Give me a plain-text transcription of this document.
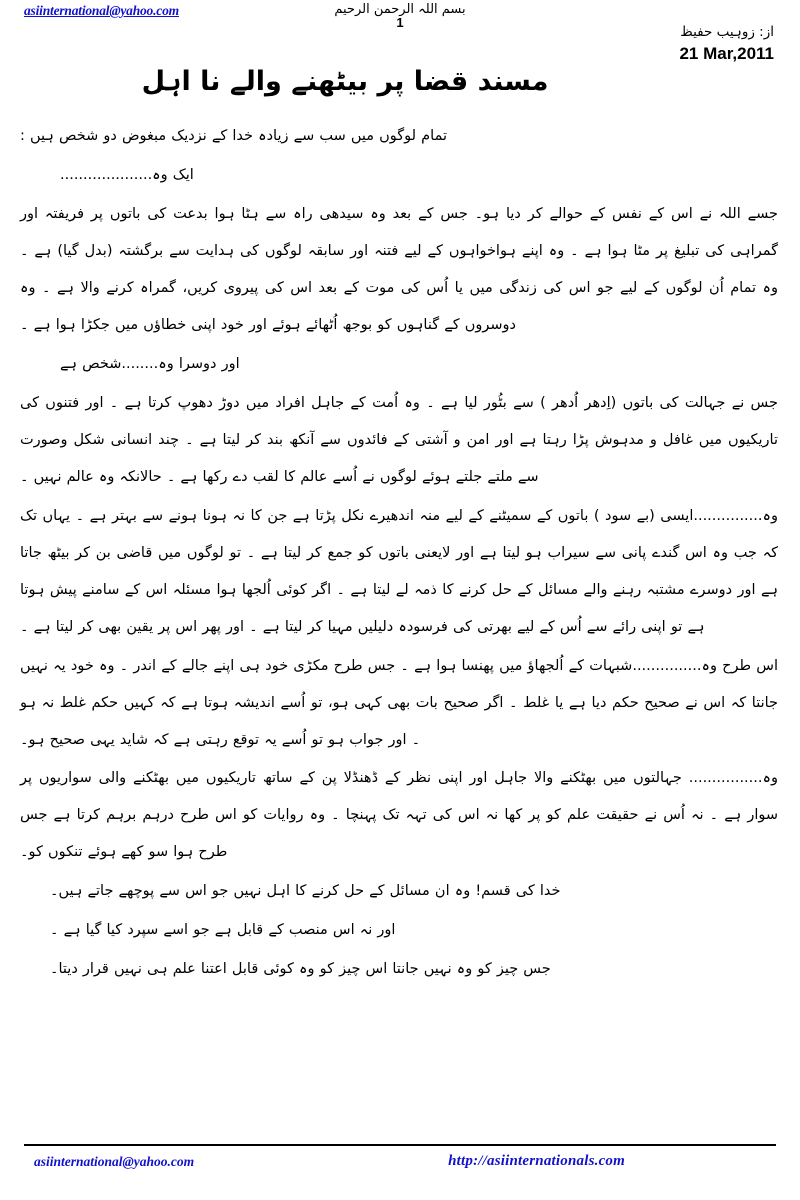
asiinternational@yahoo.com	بسم اللہ الرحمن الرحیم
1
از: زوہیب حفیظ
21 Mar,2011
مسند قضا پر بیٹھنے والے نا اہل

تمام لوگوں میں سب سے زیادہ خدا کے نزدیک مبغوض دو شخص ہیں :

ایک وہ....................

جسے اللہ نے اس کے نفس کے حوالے کر دیا ہو۔ جس کے بعد وہ سیدھی راہ سے ہٹا ہوا بدعت کی باتوں پر فریفتہ اور گمراہی کی تبلیغ پر مٹا ہوا ہے ۔ وہ اپنے ہواخواہوں کے لیے فتنہ اور سابقہ لوگوں کی ہدایت سے برگشتہ (بدل گیا) ہے ۔ وہ تمام اُن لوگوں کے لیے جو اس کی زندگی میں یا اُس کی موت کے بعد اس کی پیروی کریں، گمراہ کرنے والا ہے ۔ وہ دوسروں کے گناہوں کو بوجھ اُٹھائے ہوئے اور خود اپنی خطاؤں میں جکڑا ہوا ہے ۔

اور دوسرا وہ........شخص ہے

جس نے جہالت کی باتوں (اِدھر اُدھر ) سے بٹُور لیا ہے ۔ وہ اُمت کے جاہل افراد میں دوڑ دھوپ کرتا ہے ۔ اور فتنوں کی تاریکیوں میں غافل و مدہوش پڑا رہتا ہے اور امن و آشتی کے فائدوں سے آنکھ بند کر لیتا ہے ۔ چند انسانی شکل وصورت سے ملتے جلتے ہوئے لوگوں نے اُسے عالم کا لقب دے رکھا ہے ۔ حالانکہ وہ عالم نہیں ۔

وہ...............ایسی (بے سود ) باتوں کے سمیٹنے کے لیے منہ اندھیرے نکل پڑتا ہے جن کا نہ ہونا ہونے سے بہتر ہے ۔ یہاں تک کہ جب وہ اس گندے پانی سے سیراب ہو لیتا ہے اور لایعنی باتوں کو جمع کر لیتا ہے ۔ تو لوگوں میں قاضی بن کر بیٹھ جاتا ہے اور دوسرے مشتبہ رہنے والے مسائل کے حل کرنے کا ذمہ لے لیتا ہے ۔ اگر کوئی اُلجھا ہوا مسئلہ اس کے سامنے پیش ہوتا ہے تو اپنی رائے سے اُس کے لیے بھرتی کی فرسودہ دلیلیں مہیا کر لیتا ہے ۔ اور پھر اس پر یقین بھی کر لیتا ہے ۔

اس طرح وہ...............شبہات کے اُلجھاؤ میں پھنسا ہوا ہے ۔ جس طرح مکڑی خود ہی اپنے جالے کے اندر ۔ وہ خود یہ نہیں جانتا کہ اس نے صحیح حکم دیا ہے یا غلط ۔ اگر صحیح بات بھی کہی ہو، تو اُسے اندیشہ ہوتا ہے کہ کہیں حکم غلط نہ ہو ۔ اور جواب ہو تو اُسے یہ توقع رہتی ہے کہ شاید یہی صحیح ہو۔

وہ................ جہالتوں میں بھٹکنے والا جاہل اور اپنی نظر کے ڈھنڈلا پن کے ساتھ تاریکیوں میں بھٹکنے والی سواریوں پر سوار ہے ۔ نہ اُس نے حقیقت علم کو پر کھا نہ اس کی تہہ تک پہنچا ۔ وہ روایات کو اس طرح درہم برہم کرتا ہے جس طرح ہوا سو کھے ہوئے تنکوں کو۔

خدا کی قسم! وہ ان مسائل کے حل کرنے کا اہل نہیں جو اس سے پوچھے جاتے ہیں۔

اور نہ اس منصب کے قابل ہے جو اسے سپرد کیا گیا ہے ۔

جس چیز کو وہ نہیں جانتا اس چیز کو وہ کوئی قابل اعتنا علم ہی نہیں قرار دیتا۔

asiinternational@yahoo.com	http://asiinternationals.com
